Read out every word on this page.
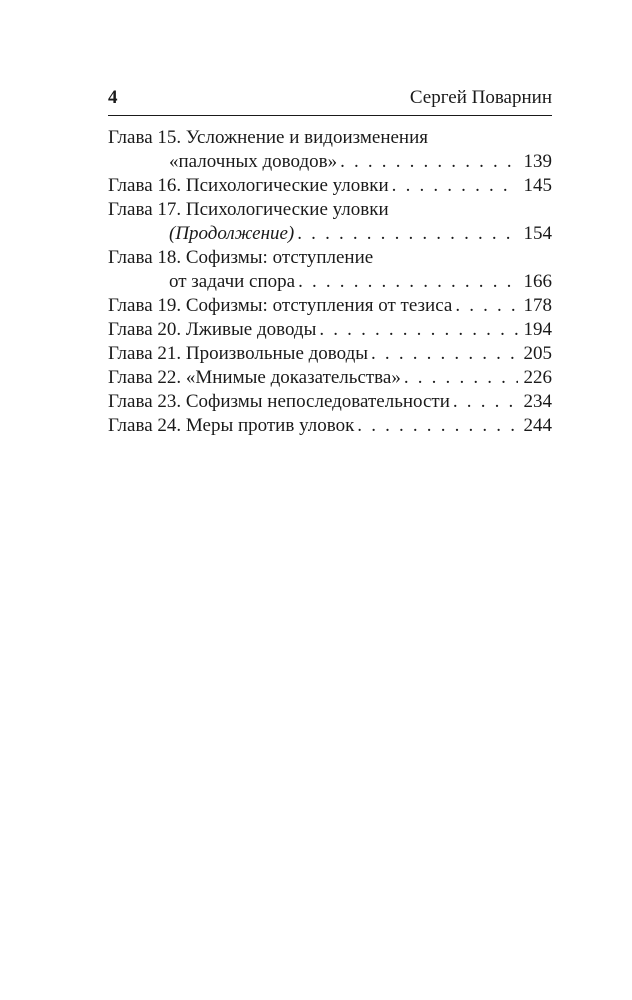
4	Сергей Поварнин
Глава 15. Усложнение и видоизменения
«палочных доводов» . . .	139
Глава 16. Психологические уловки . . .	145
Глава 17. Психологические уловки
(Продолжение) . . .	154
Глава 18. Софизмы: отступление
от задачи спора . . .	166
Глава 19. Софизмы: отступления от тезиса . . .	178
Глава 20. Лживые доводы . . .	194
Глава 21. Произвольные доводы . . .	205
Глава 22. «Мнимые доказательства» . . .	226
Глава 23. Софизмы непоследовательности . . .	234
Глава 24. Меры против уловок . . .	244
